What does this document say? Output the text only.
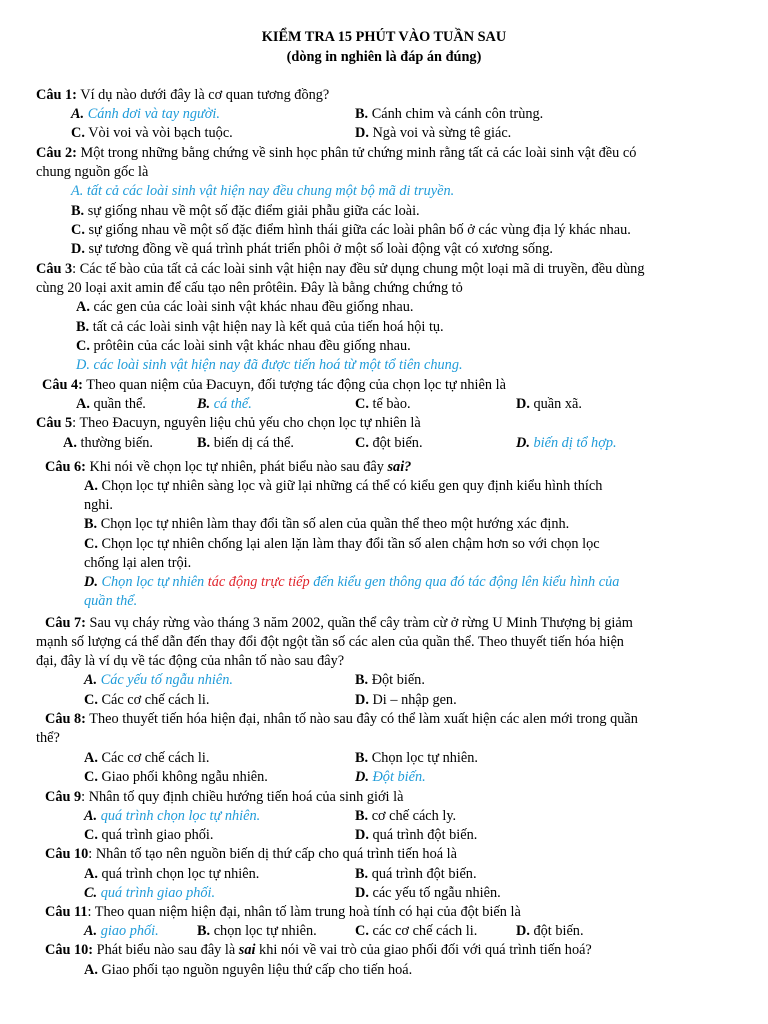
KIỂM TRA 15 PHÚT VÀO TUẦN SAU
(dòng in nghiên là đáp án đúng)
Câu 1: Ví dụ nào dưới đây là cơ quan tương đồng?
A. Cánh dơi và tay người.	B. Cánh chim và cánh côn trùng.
C. Vòi voi và vòi bạch tuộc.	D. Ngà voi và sừng tê giác.
Câu 2: Một trong những bằng chứng về sinh học phân tử chứng minh rằng tất cả các loài sinh vật đều có
chung nguồn gốc là
A. tất cả các loài sinh vật hiện nay đều chung một bộ mã di truyền.
B. sự giống nhau về một số đặc điểm giải phẫu giữa các loài.
C. sự giống nhau về một số đặc điểm hình thái giữa các loài phân bố ở các vùng địa lý khác nhau.
D. sự tương đồng về quá trình phát triển phôi ở một số loài động vật có xương sống.
Câu 3: Các tế bào của tất cả các loài sinh vật hiện nay đều sử dụng chung một loại mã di truyền, đều dùng
cùng 20 loại axit amin để cấu tạo nên prôtêin. Đây là bằng chứng chứng tỏ
A. các gen của các loài sinh vật khác nhau đều giống nhau.
B. tất cả các loài sinh vật hiện nay là kết quả của tiến hoá hội tụ.
C. prôtêin của các loài sinh vật khác nhau đều giống nhau.
D. các loài sinh vật hiện nay đã được tiến hoá từ một tổ tiên chung.
Câu 4: Theo quan niệm của Đacuyn, đối tượng tác động của chọn lọc tự nhiên là
A. quần thể.	B. cá thể.	C. tế bào.	D. quần xã.
Câu 5: Theo Đacuyn, nguyên liệu chủ yếu cho chọn lọc tự nhiên là
A. thường biến.	B. biến dị cá thể.	C. đột biến.	D. biến dị tổ hợp.
Câu 6: Khi nói về chọn lọc tự nhiên, phát biểu nào sau đây sai?
A. Chọn lọc tự nhiên sàng lọc và giữ lại những cá thể có kiểu gen quy định kiểu hình thích
nghi.
B. Chọn lọc tự nhiên làm thay đổi tần số alen của quần thể theo một hướng xác định.
C. Chọn lọc tự nhiên chống lại alen lặn làm thay đổi tần số alen chậm hơn so với chọn lọc
chống lại alen trội.
D. Chọn lọc tự nhiên tác động trực tiếp đến kiểu gen thông qua đó tác động lên kiểu hình của
quần thể.
Câu 7: Sau vụ cháy rừng vào tháng 3 năm 2002, quần thể cây tràm cừ ở rừng U Minh Thượng bị giảm
mạnh số lượng cá thể dẫn đến thay đổi đột ngột tần số các alen của quần thể. Theo thuyết tiến hóa hiện
đại, đây là ví dụ về tác động của nhân tố nào sau đây?
A. Các yếu tố ngẫu nhiên.	B. Đột biến.
C. Các cơ chế cách li.	D. Di – nhập gen.
Câu 8: Theo thuyết tiến hóa hiện đại, nhân tố nào sau đây có thể làm xuất hiện các alen mới trong quần
thể?
A. Các cơ chế cách li.	B. Chọn lọc tự nhiên.
C. Giao phối không ngẫu nhiên.	D. Đột biến.
Câu 9: Nhân tố quy định chiều hướng tiến hoá của sinh giới là
A. quá trình chọn lọc tự nhiên.	B. cơ chế cách ly.
C. quá trình giao phối.	D. quá trình đột biến.
Câu 10: Nhân tố tạo nên nguồn biến dị thứ cấp cho quá trình tiến hoá là
A. quá trình chọn lọc tự nhiên.	B. quá trình đột biến.
C. quá trình giao phối.	D. các yếu tố ngẫu nhiên.
Câu 11: Theo quan niệm hiện đại, nhân tố làm trung hoà tính có hại của đột biến là
A. giao phối.	B. chọn lọc tự nhiên.	C. các cơ chế cách li.	D. đột biến.
Câu 10: Phát biểu nào sau đây là sai khi nói về vai trò của giao phối đối với quá trình tiến hoá?
A. Giao phối tạo nguồn nguyên liệu thứ cấp cho tiến hoá.
